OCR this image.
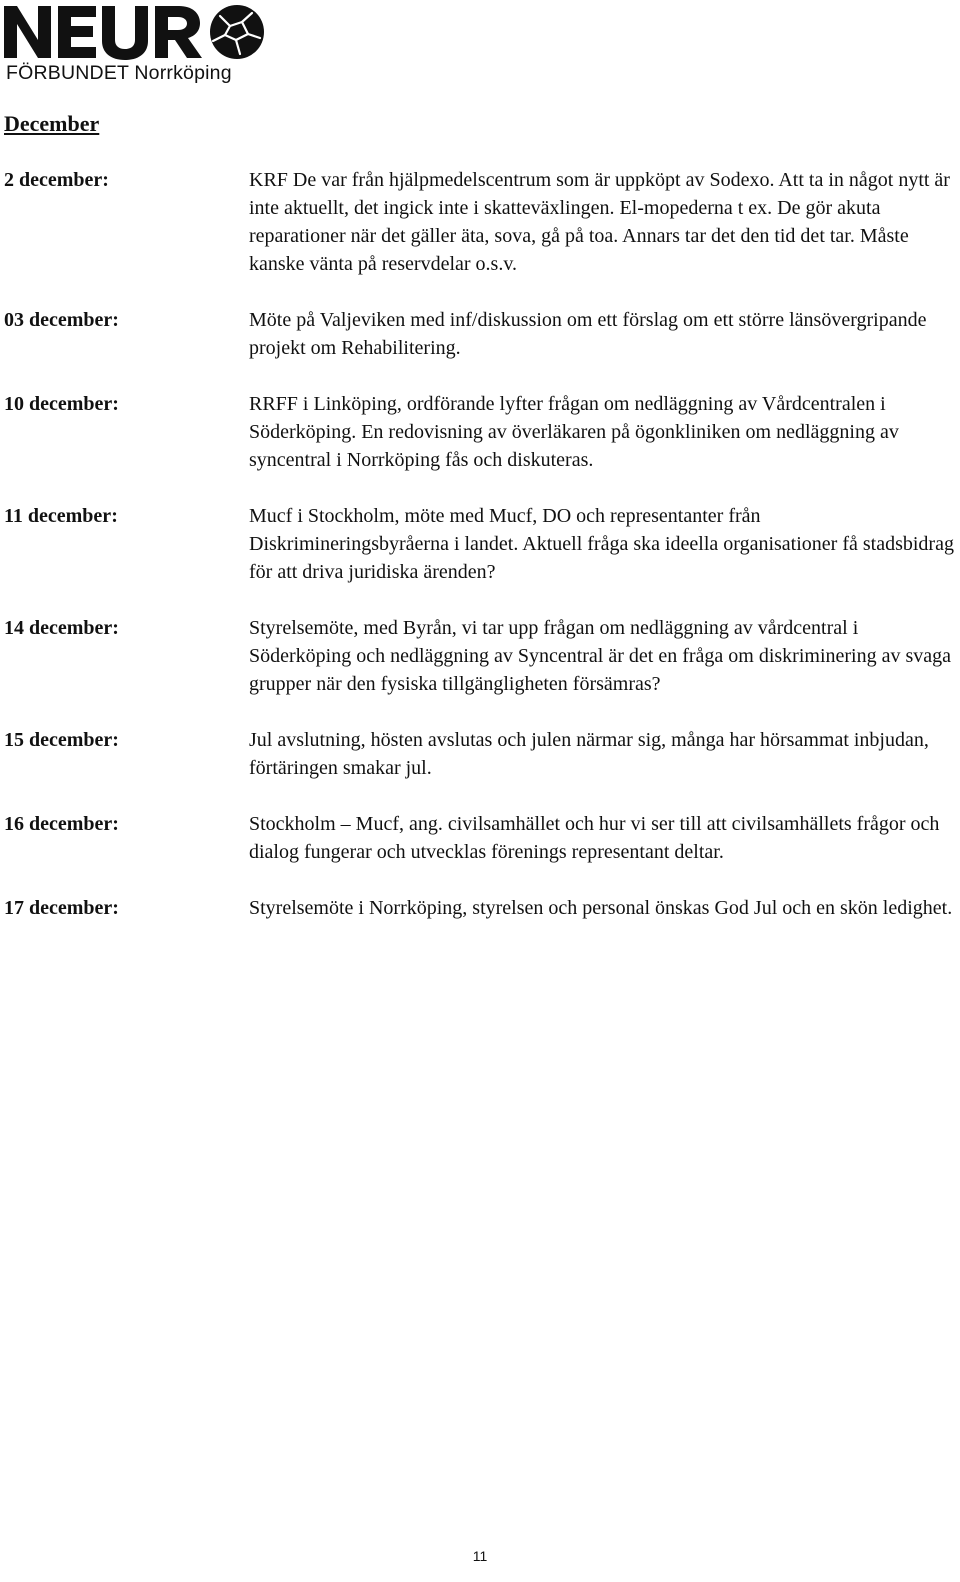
FÖRBUNDET Norrköping
December
2 december:	KRF De var från hjälpmedelscentrum som är uppköpt av Sodexo. Att ta in något nytt är inte aktuellt, det ingick inte i skatteväxlingen. El-mopederna t ex. De gör akuta reparationer när det gäller äta, sova, gå på toa. Annars tar det den tid det tar. Måste kanske vänta på reservdelar o.s.v.

03 december:	Möte på Valjeviken med inf/diskussion om ett förslag om ett större länsövergripande projekt om Rehabilitering.

10 december:	RRFF i Linköping, ordförande lyfter frågan om nedläggning av Vårdcentralen i Söderköping. En redovisning av överläkaren på ögonkliniken om nedläggning av syncentral i Norrköping fås och diskuteras.

11 december:	Mucf i Stockholm, möte med Mucf, DO och representanter från Diskrimineringsbyråerna i landet. Aktuell fråga ska ideella organisationer få stadsbidrag för att driva juridiska ärenden?

14 december:	Styrelsemöte, med Byrån, vi tar upp frågan om nedläggning av vårdcentral i Söderköping och nedläggning av Syncentral är det en fråga om diskriminering av svaga grupper när den fysiska tillgängligheten försämras?

15 december:	Jul avslutning, hösten avslutas och julen närmar sig, många har hörsammat inbjudan, förtäringen smakar jul.

16 december:	Stockholm – Mucf, ang. civilsamhället och hur vi ser till att civilsamhällets frågor och dialog fungerar och utvecklas förenings representant deltar.

17 december:	Styrelsemöte i Norrköping, styrelsen och personal önskas God Jul och en skön ledighet.

11
